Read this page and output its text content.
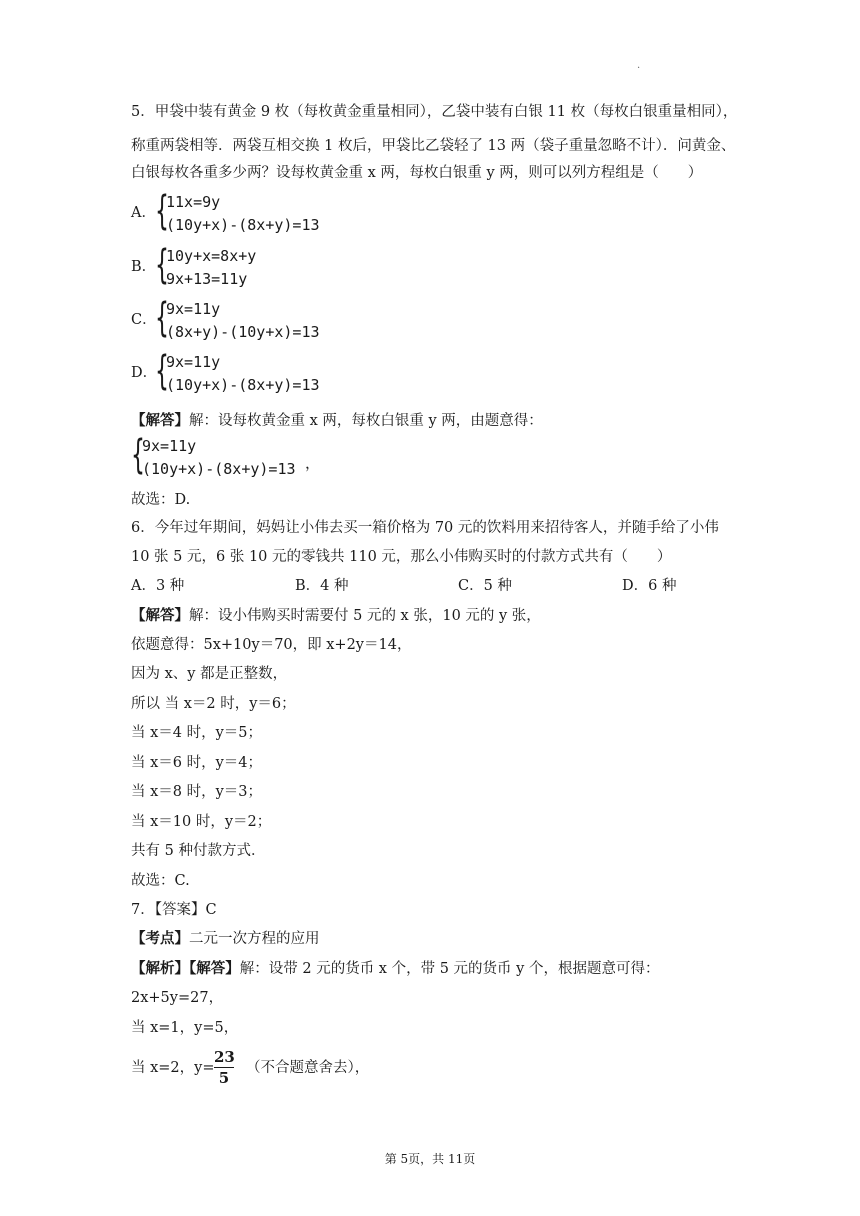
.
5．甲袋中装有黄金 9 枚（每枚黄金重量相同），乙袋中装有白银 11 枚（每枚白银重量相同），
称重两袋相等．两袋互相交换 1 枚后，甲袋比乙袋轻了 13 两（袋子重量忽略不计）．问黄金、
白银每枚各重多少两？设每枚黄金重 x 两，每枚白银重 y 两，则可以列方程组是（　　）
A． {
11x=9y
(10y+x)-(8x+y)=13
B．
{
10y+x=8x+y
9x+13=11y
C．
{
9x=11y
(8x+y)-(10y+x)=13
D．
{
9x=11y
(10y+x)-(8x+y)=13
【解答】解：设每枚黄金重 x 两，每枚白银重 y 两，由题意得：
{
9x=11y
(10y+x)-(8x+y)=13 ，
故选：D.
6．今年过年期间，妈妈让小伟去买一箱价格为 70 元的饮料用来招待客人，并随手给了小伟
10 张 5 元，6 张 10 元的零钱共 110 元，那么小伟购买时的付款方式共有（　　）
A．3 种	B．4 种	C．5 种	D．6 种
【解答】解：设小伟购买时需要付 5 元的 x 张，10 元的 y 张，
依题意得：5x+10y＝70，即 x+2y＝14，
因为 x、y 都是正整数，
所以 当 x＝2 时，y＝6；
当 x＝4 时，y＝5；
当 x＝6 时，y＝4；
当 x＝8 时，y＝3；
当 x＝10 时，y＝2；
共有 5 种付款方式．
故选：C.
7．【答案】C
【考点】二元一次方程的应用
【解析】【解答】解：设带 2 元的货币 x 个，带 5 元的货币 y 个，根据题意可得：
2x+5y=27，
当 x=1，y=5，
当 x=2，y=
23
5
（不合题意舍去），
第 5页，共 11页
